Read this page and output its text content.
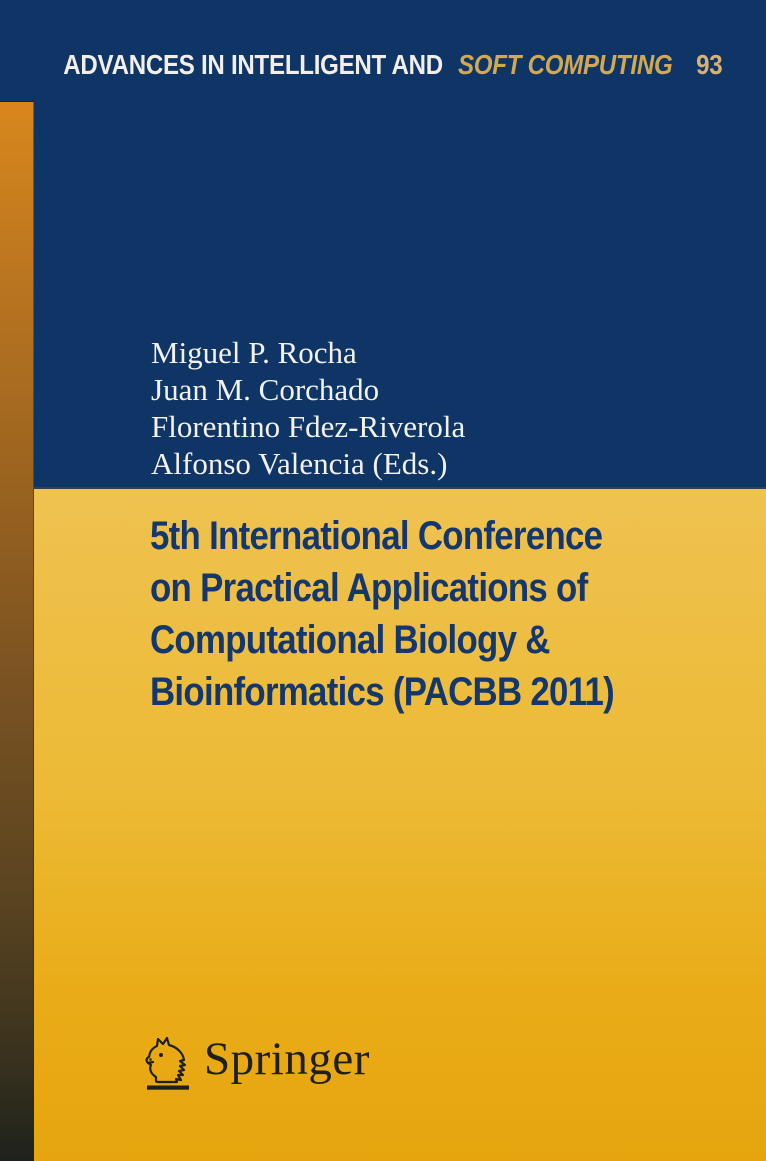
ADVANCES IN INTELLIGENT AND SOFT COMPUTING 93
Miguel P. Rocha
Juan M. Corchado
Florentino Fdez-Riverola
Alfonso Valencia (Eds.)
5th International Conference
on Practical Applications of
Computational Biology &
Bioinformatics (PACBB 2011)
Springer
